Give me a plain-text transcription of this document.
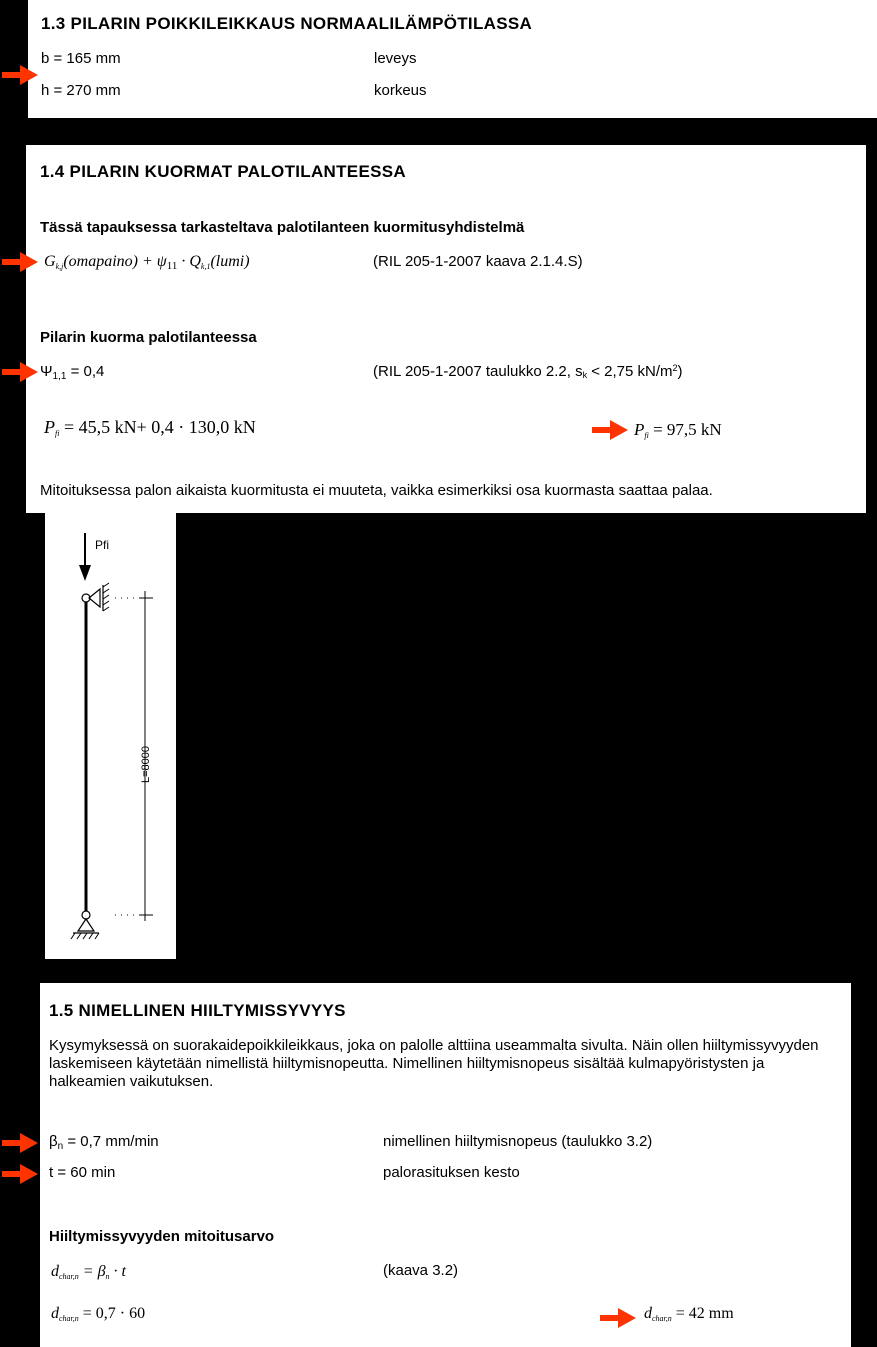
1.3 PILARIN POIKKILEIKKAUS NORMAALILÄMPÖTILASSA
b = 165 mm	leveys
h = 270 mm	korkeus
1.4 PILARIN KUORMAT PALOTILANTEESSA
Tässä tapauksessa tarkasteltava palotilanteen kuormitusyhdistelmä
Gk,j(omapaino) + ψ11 · Qk,1(lumi)	(RIL 205-1-2007 kaava 2.1.4.S)
Pilarin kuorma palotilanteessa
$\Psi_{1,1} = 0,4$	(RIL 205-1-2007 taulukko 2.2, sk < 2,75 $kN/m^2$)
Pfi = 45,5 kN+ 0,4 · 130,0 kN	Pfi = 97,5 kN
Mitoituksessa palon aikaista kuormitusta ei muuteta, vaikka esimerkiksi osa kuormasta saattaa palaa.
Pfi
L=8000
1.5 NIMELLINEN HIILTYMISSYVYYS
Kysymyksessä on suorakaidepoikkileikkaus, joka on palolle alttiina useammalta sivulta. Näin ollen hiiltymissyvyyden laskemiseen käytetään nimellistä hiiltymisnopeutta. Nimellinen hiiltymisnopeus sisältää kulmapyöristysten ja halkeamien vaikutuksen.
$\beta_n = 0,7$ mm/min	nimellinen hiiltymisnopeus (taulukko 3.2)
t = 60 min	palorasituksen kesto
Hiiltymissyvyyden mitoitusarvo
dchar,n = βn · t	(kaava 3.2)
dchar,n = 0,7 · 60	dchar,n = 42 mm
